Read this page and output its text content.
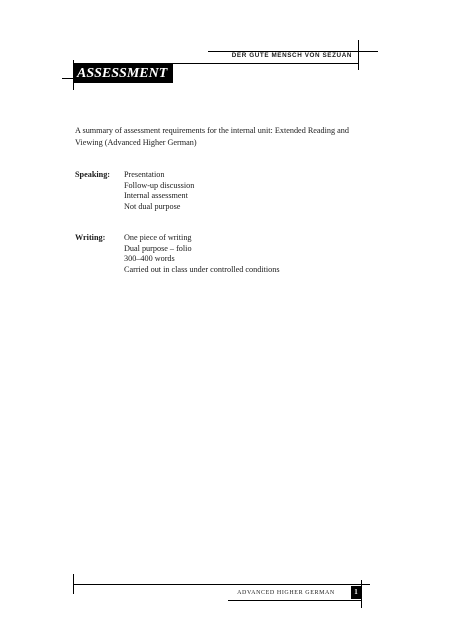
DER GUTE MENSCH VON SEZUAN
ASSESSMENT
A summary of assessment requirements for the internal unit: Extended Reading and Viewing (Advanced Higher German)
Speaking: Presentation
Follow-up discussion
Internal assessment
Not dual purpose
Writing: One piece of writing
Dual purpose – folio
300–400 words
Carried out in class under controlled conditions
ADVANCED HIGHER GERMAN	1
